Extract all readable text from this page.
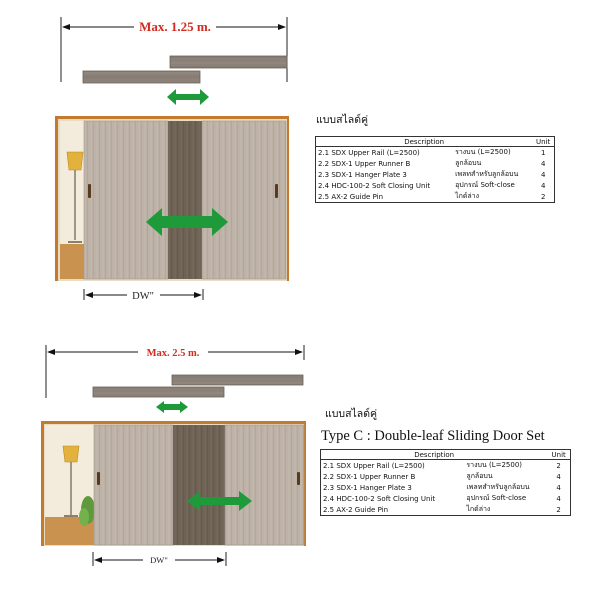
Max. 1.25 m.
DW"
Max. 2.5 m.
DW"
แบบสไลด์คู่
Description		Unit
2.1 SDX Upper Rail (L=2500)	รางบน (L=2500)	1
2.2 SDX-1 Upper Runner B	ลูกล้อบน	4
2.3 SDX-1 Hanger Plate 3	เพลทสำหรับลูกล้อบน	4
2.4 HDC-100-2 Soft Closing Unit	อุปกรณ์ Soft-close	4
2.5 AX-2 Guide Pin	ไกด์ล่าง	2
แบบสไลด์คู่
Type C : Double-leaf Sliding Door Set
Description		Unit
2.1 SDX Upper Rail (L=2500)	รางบน (L=2500)	2
2.2 SDX-1 Upper Runner B	ลูกล้อบน	4
2.3 SDX-1 Hanger Plate 3	เพลทสำหรับลูกล้อบน	4
2.4 HDC-100-2 Soft Closing Unit	อุปกรณ์ Soft-close	4
2.5 AX-2 Guide Pin	ไกด์ล่าง	2
